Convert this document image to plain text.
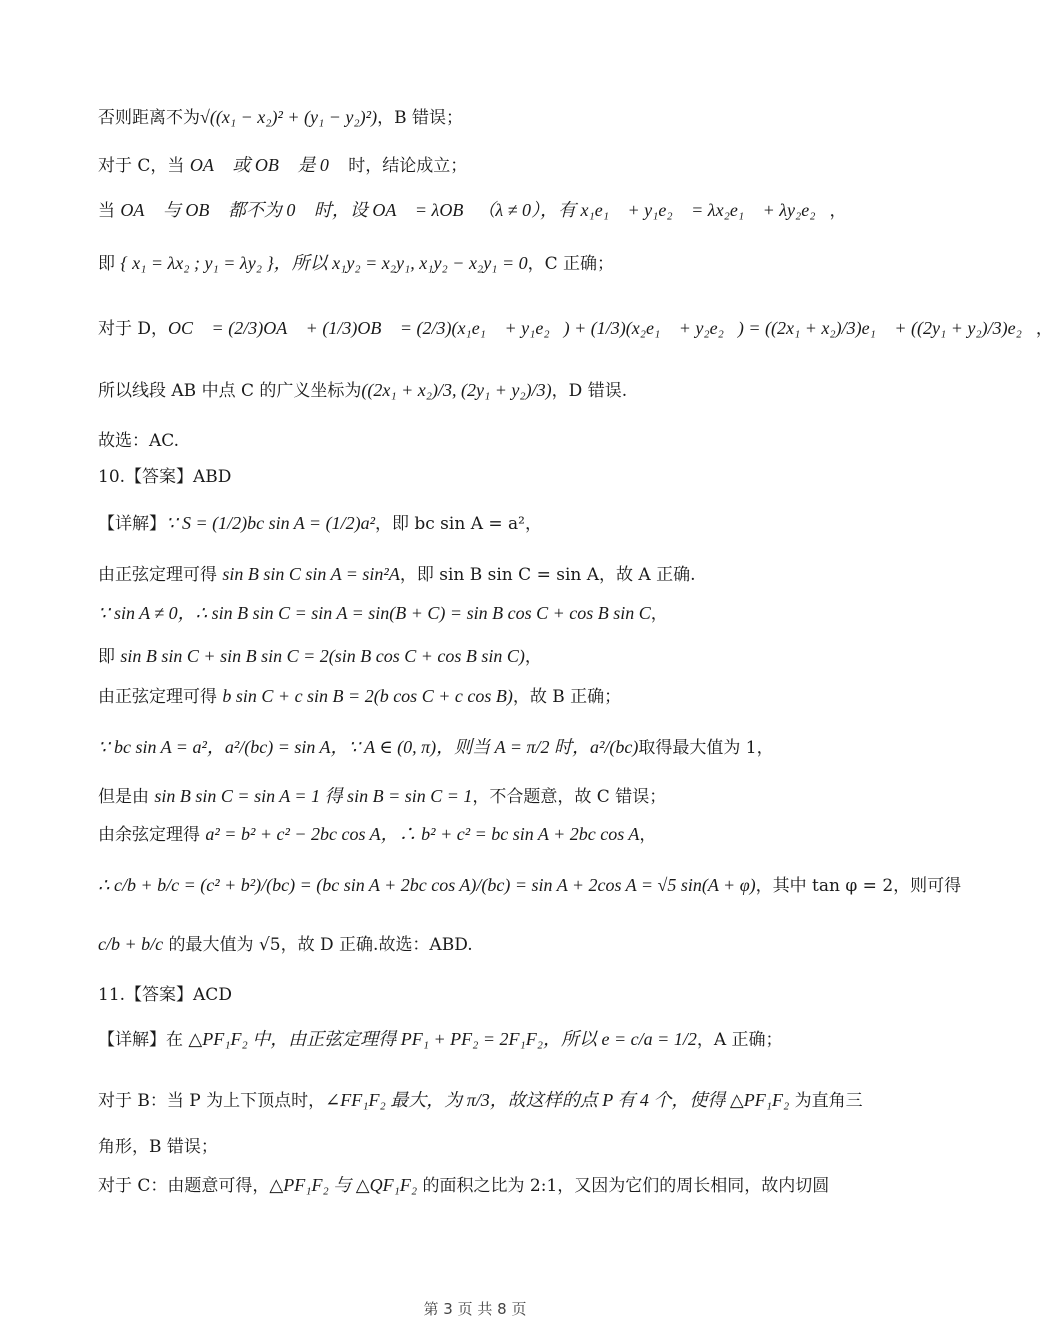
否则距离不为√((x₁ − x₂)² + (y₁ − y₂)²)，B 错误；
对于 C，当 OA⃗ 或 OB⃗ 是 0⃗ 时，结论成立；
当 OA⃗ 与 OB⃗ 都不为 0⃗ 时，设 OA⃗ = λOB⃗（λ ≠ 0），有 x₁e₁⃗ + y₁e₂⃗ = λx₂e₁⃗ + λy₂e₂⃗，
即 { x₁ = λx₂ ; y₁ = λy₂ }，所以 x₁y₂ = x₂y₁, x₁y₂ − x₂y₁ = 0，C 正确；
对于 D，OC⃗ = (2/3)OA⃗ + (1/3)OB⃗ = (2/3)(x₁e₁⃗ + y₁e₂⃗) + (1/3)(x₂e₁⃗ + y₂e₂⃗) = ((2x₁ + x₂)/3)e₁⃗ + ((2y₁ + y₂)/3)e₂⃗，
所以线段 AB 中点 C 的广义坐标为((2x₁ + x₂)/3, (2y₁ + y₂)/3)，D 错误.
故选：AC.
10.【答案】ABD
【详解】∵ S = (1/2)bc sin A = (1/2)a²，即 bc sin A = a²，
由正弦定理可得 sin B sin C sin A = sin²A，即 sin B sin C = sin A，故 A 正确.
∵ sin A ≠ 0，∴ sin B sin C = sin A = sin(B + C) = sin B cos C + cos B sin C，
即 sin B sin C + sin B sin C = 2(sin B cos C + cos B sin C)，
由正弦定理可得 b sin C + c sin B = 2(b cos C + c cos B)，故 B 正确；
∵ bc sin A = a²，a²/(bc) = sin A，∵ A ∈ (0, π)，则当 A = π/2 时，a²/(bc)取得最大值为 1，
但是由 sin B sin C = sin A = 1 得 sin B = sin C = 1，不合题意，故 C 错误；
由余弦定理得 a² = b² + c² − 2bc cos A，∴ b² + c² = bc sin A + 2bc cos A，
∴ c/b + b/c = (c² + b²)/(bc) = (bc sin A + 2bc cos A)/(bc) = sin A + 2cos A = √5 sin(A + φ)，其中 tan φ = 2，则可得
c/b + b/c 的最大值为 √5，故 D 正确.故选：ABD.
11.【答案】ACD
【详解】在 △PF₁F₂ 中，由正弦定理得 PF₁ + PF₂ = 2F₁F₂，所以 e = c/a = 1/2，A 正确；
对于 B：当 P 为上下顶点时，∠FF₁F₂ 最大，为 π/3，故这样的点 P 有 4 个，使得 △PF₁F₂ 为直角三
角形，B 错误；
对于 C：由题意可得，△PF₁F₂ 与 △QF₁F₂ 的面积之比为 2:1，又因为它们的周长相同，故内切圆
第 3 页 共 8 页
